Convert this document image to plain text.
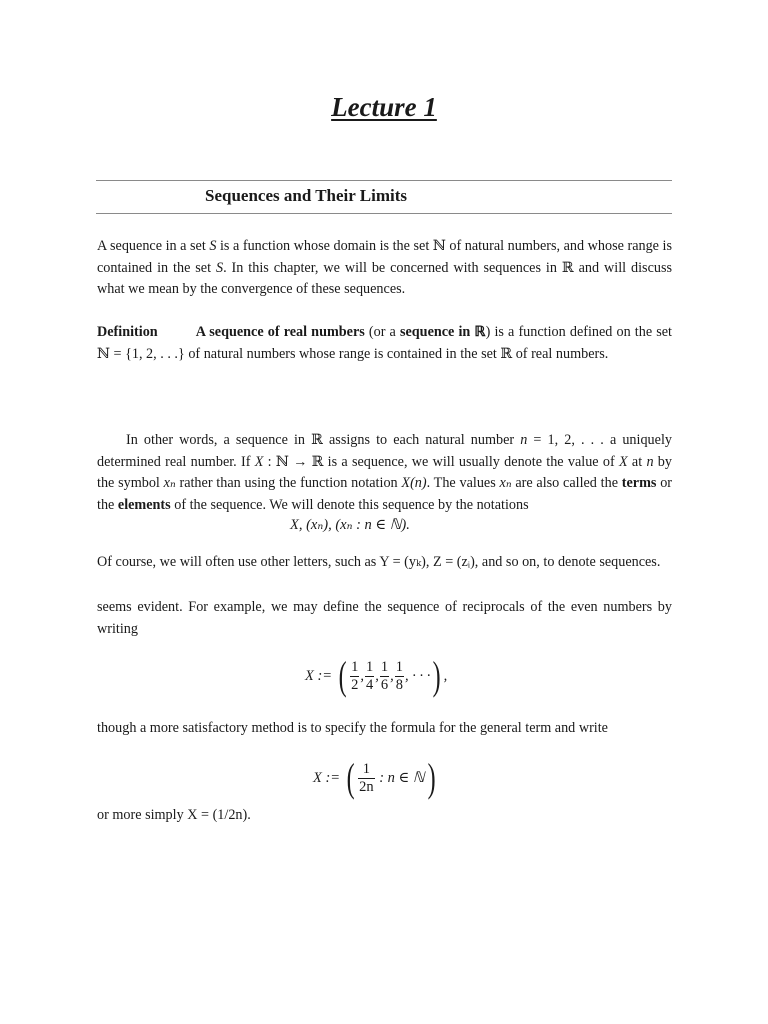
Lecture 1
Sequences and Their Limits

A sequence in a set S is a function whose domain is the set ℕ of natural numbers, and whose range is contained in the set S. In this chapter, we will be concerned with sequences in ℝ and will discuss what we mean by the convergence of these sequences.

Definition	A sequence of real numbers (or a sequence in ℝ) is a function defined on the set ℕ = {1, 2, . . .} of natural numbers whose range is contained in the set ℝ of real numbers.

In other words, a sequence in ℝ assigns to each natural number n = 1, 2, . . . a uniquely determined real number. If X : ℕ → ℝ is a sequence, we will usually denote the value of X at n by the symbol xₙ rather than using the function notation X(n). The values xₙ are also called the terms or the elements of the sequence. We will denote this sequence by the notations

X, (xₙ), (xₙ : n ∈ ℕ).

Of course, we will often use other letters, such as Y = (yₖ), Z = (zᵢ), and so on, to denote sequences.

seems evident. For example, we may define the sequence of reciprocals of the even numbers by writing

X := ( $\frac{1}{2}$ , $\frac{1}{4}$ , $\frac{1}{6}$ , $\frac{1}{8}$ , · · ·) ,

though a more satisfactory method is to specify the formula for the general term and write

X := ( $\frac{1}{2n}$ : n ∈ ℕ)

or more simply X = (1/2n).
